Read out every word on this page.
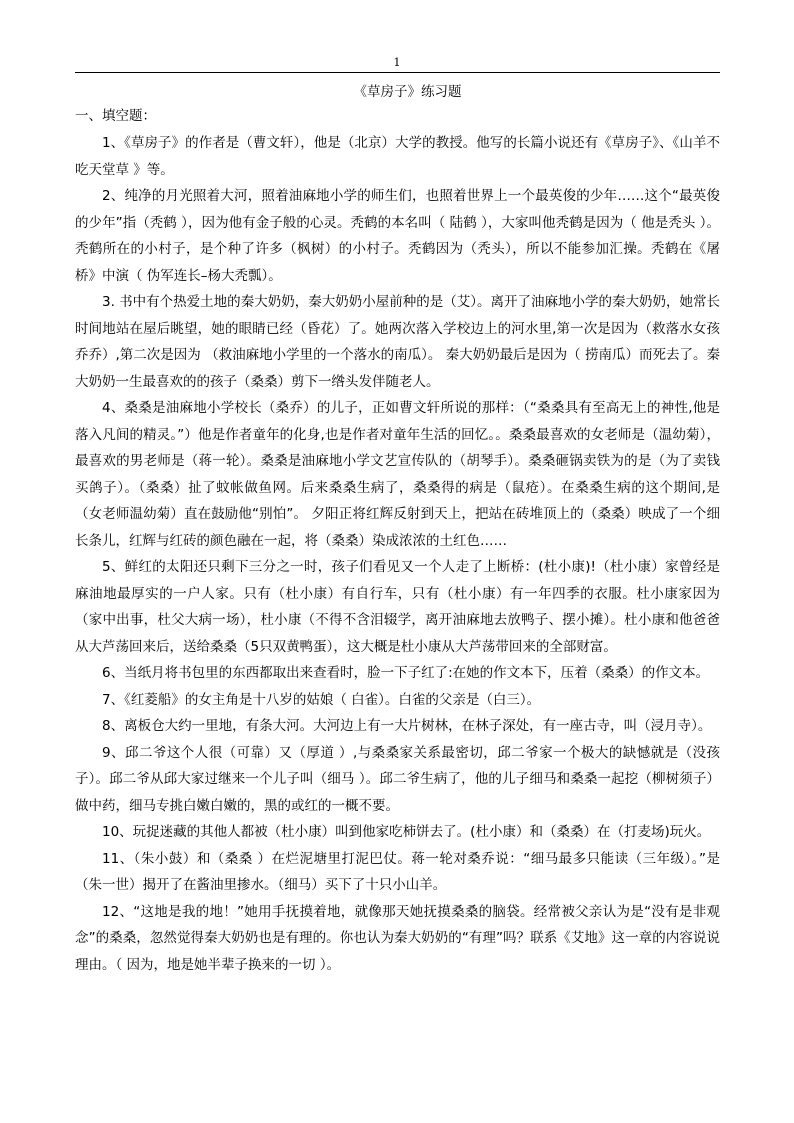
1
《草房子》练习题
一、填空题：

1、《草房子》的作者是（曹文轩），他是（北京）大学的教授。他写的长篇小说还有《草房子》、《山羊不吃天堂草 》等。

2、纯净的月光照着大河，照着油麻地小学的师生们，也照着世界上一个最英俊的少年……这个“最英俊的少年”指（秃鹤 ），因为他有金子般的心灵。秃鹤的本名叫（ 陆鹤 ），大家叫他秃鹤是因为（ 他是秃头 ）。秃鹤所在的小村子，是个种了许多（枫树）的小村子。秃鹤因为（秃头），所以不能参加汇操。秃鹤在《屠桥》中演（ 伪军连长–杨大秃瓢）。

3. 书中有个热爱土地的秦大奶奶，秦大奶奶小屋前种的是（艾）。离开了油麻地小学的秦大奶奶，她常长时间地站在屋后眺望，她的眼睛已经（昏花）了。她两次落入学校边上的河水里,第一次是因为（救落水女孩乔乔）,第二次是因为 （救油麻地小学里的一个落水的南瓜）。 秦大奶奶最后是因为（ 捞南瓜）而死去了。秦大奶奶一生最喜欢的的孩子（桑桑）剪下一绺头发伴随老人。

4、桑桑是油麻地小学校长（桑乔）的儿子，正如曹文轩所说的那样：（“桑桑具有至高无上的神性,他是落入凡间的精灵。”）他是作者童年的化身,也是作者对童年生活的回忆。。桑桑最喜欢的女老师是（温幼菊），最喜欢的男老师是（蒋一轮）。桑桑是油麻地小学文艺宣传队的（胡琴手）。桑桑砸锅卖铁为的是（为了卖钱买鸽子）。（桑桑）扯了蚊帐做鱼网。后来桑桑生病了，桑桑得的病是（鼠疮）。在桑桑生病的这个期间,是（女老师温幼菊）直在鼓励他“别怕”。 夕阳正将红辉反射到天上，把站在砖堆顶上的（桑桑）映成了一个细长条儿，红辉与红砖的颜色融在一起，将（桑桑）染成浓浓的土红色……

5、鲜红的太阳还只剩下三分之一时，孩子们看见又一个人走了上断桥：(杜小康)!（杜小康）家曾经是麻油地最厚实的一户人家。只有（杜小康）有自行车，只有（杜小康）有一年四季的衣服。杜小康家因为（家中出事，杜父大病一场），杜小康（不得不含泪辍学，离开油麻地去放鸭子、摆小摊）。杜小康和他爸爸从大芦荡回来后，送给桑桑（5只双黄鸭蛋），这大概是杜小康从大芦荡带回来的全部财富。

6、当纸月将书包里的东西都取出来查看时，脸一下子红了:在她的作文本下，压着（桑桑）的作文本。

7、《红菱船》的女主角是十八岁的姑娘（ 白雀）。白雀的父亲是（白三）。

8、离板仓大约一里地，有条大河。大河边上有一大片树林，在林子深处，有一座古寺，叫（浸月寺）。

9、邱二爷这个人很（可靠）又（厚道 ）,与桑桑家关系最密切，邱二爷家一个极大的缺憾就是（没孩子）。邱二爷从邱大家过继来一个儿子叫（细马 ）。邱二爷生病了，他的儿子细马和桑桑一起挖（柳树须子）做中药，细马专挑白嫩白嫩的，黑的或红的一概不要。

10、玩捉迷藏的其他人都被（杜小康）叫到他家吃柿饼去了。(杜小康）和（桑桑）在（打麦场)玩火。

11、（朱小鼓）和（桑桑 ）在烂泥塘里打泥巴仗。蒋一轮对桑乔说：“细马最多只能读（三年级）。”是（朱一世）揭开了在酱油里掺水。（细马）买下了十只小山羊。

12、“这地是我的地！”她用手抚摸着地，就像那天她抚摸桑桑的脑袋。经常被父亲认为是“没有是非观念”的桑桑，忽然觉得秦大奶奶也是有理的。你也认为秦大奶奶的“有理”吗？联系《艾地》这一章的内容说说理由。（ 因为，地是她半辈子换来的一切 ）。
